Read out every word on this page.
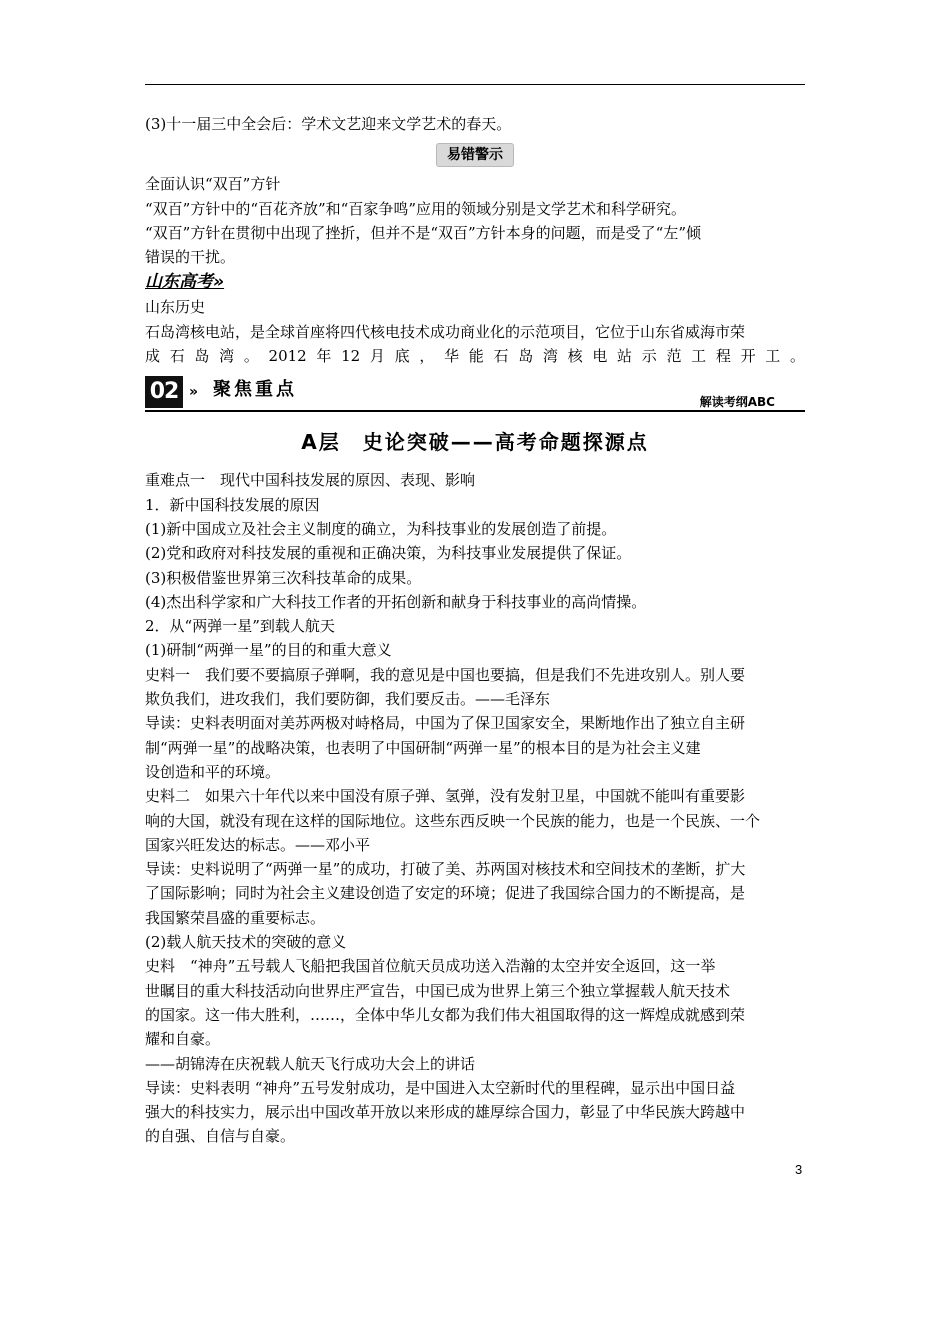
(3)十一届三中全会后：学术文艺迎来文学艺术的春天。

易错警示

全面认识“双百”方针

“双百”方针中的“百花齐放”和“百家争鸣”应用的领域分别是文学艺术和科学研究。

“双百”方针在贯彻中出现了挫折，但并不是“双百”方针本身的问题，而是受了“左”倾

错误的干扰。

山东高考»

山东历史

石岛湾核电站，是全球首座将四代核电技术成功商业化的示范项目，它位于山东省威海市荣

成石岛湾。2012年12月底，华能石岛湾核电站示范工程开工。

02 » 聚焦重点
解读考纲ABC
A层　史论突破——高考命题探源点

重难点一　现代中国科技发展的原因、表现、影响

1．新中国科技发展的原因

(1)新中国成立及社会主义制度的确立，为科技事业的发展创造了前提。

(2)党和政府对科技发展的重视和正确决策，为科技事业发展提供了保证。

(3)积极借鉴世界第三次科技革命的成果。

(4)杰出科学家和广大科技工作者的开拓创新和献身于科技事业的高尚情操。

2．从“两弹一星”到载人航天

(1)研制“两弹一星”的目的和重大意义

史料一　我们要不要搞原子弹啊，我的意见是中国也要搞，但是我们不先进攻别人。别人要

欺负我们，进攻我们，我们要防御，我们要反击。——毛泽东

导读：史料表明面对美苏两极对峙格局，中国为了保卫国家安全，果断地作出了独立自主研

制“两弹一星”的战略决策，也表明了中国研制“两弹一星”的根本目的是为社会主义建

设创造和平的环境。

史料二　如果六十年代以来中国没有原子弹、氢弹，没有发射卫星，中国就不能叫有重要影

响的大国，就没有现在这样的国际地位。这些东西反映一个民族的能力，也是一个民族、一个

国家兴旺发达的标志。——邓小平

导读：史料说明了“两弹一星”的成功，打破了美、苏两国对核技术和空间技术的垄断，扩大

了国际影响；同时为社会主义建设创造了安定的环境；促进了我国综合国力的不断提高，是

我国繁荣昌盛的重要标志。

(2)载人航天技术的突破的意义

史料　“神舟”五号载人飞船把我国首位航天员成功送入浩瀚的太空并安全返回，这一举

世瞩目的重大科技活动向世界庄严宣告，中国已成为世界上第三个独立掌握载人航天技术

的国家。这一伟大胜利，……，全体中华儿女都为我们伟大祖国取得的这一辉煌成就感到荣

耀和自豪。

——胡锦涛在庆祝载人航天飞行成功大会上的讲话

导读：史料表明 “神舟”五号发射成功，是中国进入太空新时代的里程碑，显示出中国日益

强大的科技实力，展示出中国改革开放以来形成的雄厚综合国力，彰显了中华民族大跨越中

的自强、自信与自豪。

3
